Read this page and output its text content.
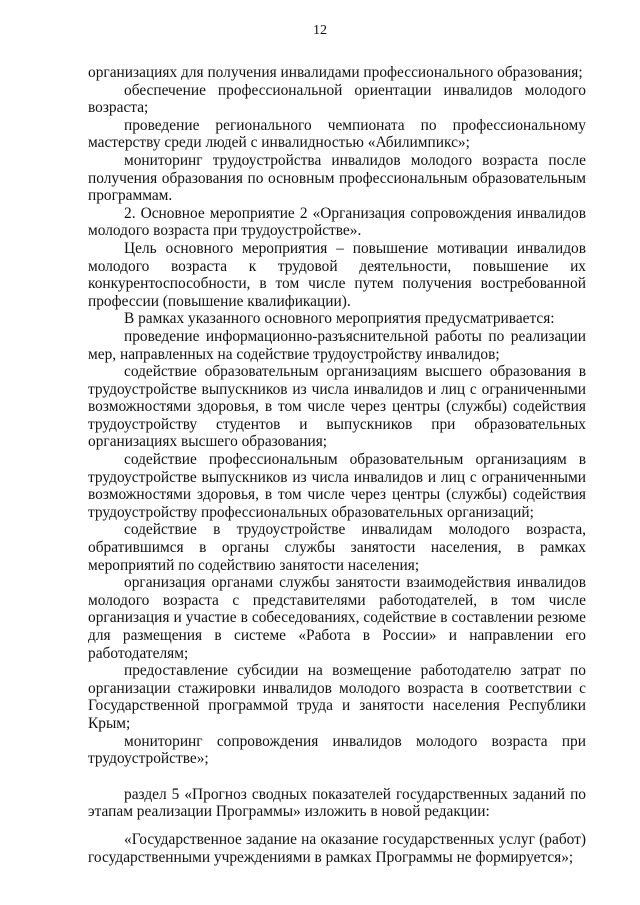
12

организациях для получения инвалидами профессионального образования;

обеспечение профессиональной ориентации инвалидов молодого возраста;

проведение регионального чемпионата по профессиональному мастерству среди людей с инвалидностью «Абилимпикс»;

мониторинг трудоустройства инвалидов молодого возраста после получения образования по основным профессиональным образовательным программам.

2. Основное мероприятие 2 «Организация сопровождения инвалидов молодого возраста при трудоустройстве».

Цель основного мероприятия – повышение мотивации инвалидов молодого возраста к трудовой деятельности, повышение их конкурентоспособности, в том числе путем получения востребованной профессии (повышение квалификации).

В рамках указанного основного мероприятия предусматривается:

проведение информационно-разъяснительной работы по реализации мер, направленных на содействие трудоустройству инвалидов;

содействие образовательным организациям высшего образования в трудоустройстве выпускников из числа инвалидов и лиц с ограниченными возможностями здоровья, в том числе через центры (службы) содействия трудоустройству студентов и выпускников при образовательных организациях высшего образования;

содействие профессиональным образовательным организациям в трудоустройстве выпускников из числа инвалидов и лиц с ограниченными возможностями здоровья, в том числе через центры (службы) содействия трудоустройству профессиональных образовательных организаций;

содействие в трудоустройстве инвалидам молодого возраста, обратившимся в органы службы занятости населения, в рамках мероприятий по содействию занятости населения;

организация органами службы занятости взаимодействия инвалидов молодого возраста с представителями работодателей, в том числе организация и участие в собеседованиях, содействие в составлении резюме для размещения в системе «Работа в России» и направлении его работодателям;

предоставление субсидии на возмещение работодателю затрат по организации стажировки инвалидов молодого возраста в соответствии с Государственной программой труда и занятости населения Республики Крым;

мониторинг сопровождения инвалидов молодого возраста при трудоустройстве»;

раздел 5 «Прогноз сводных показателей государственных заданий по этапам реализации Программы» изложить в новой редакции:

«Государственное задание на оказание государственных услуг (работ) государственными учреждениями в рамках Программы не формируется»;
